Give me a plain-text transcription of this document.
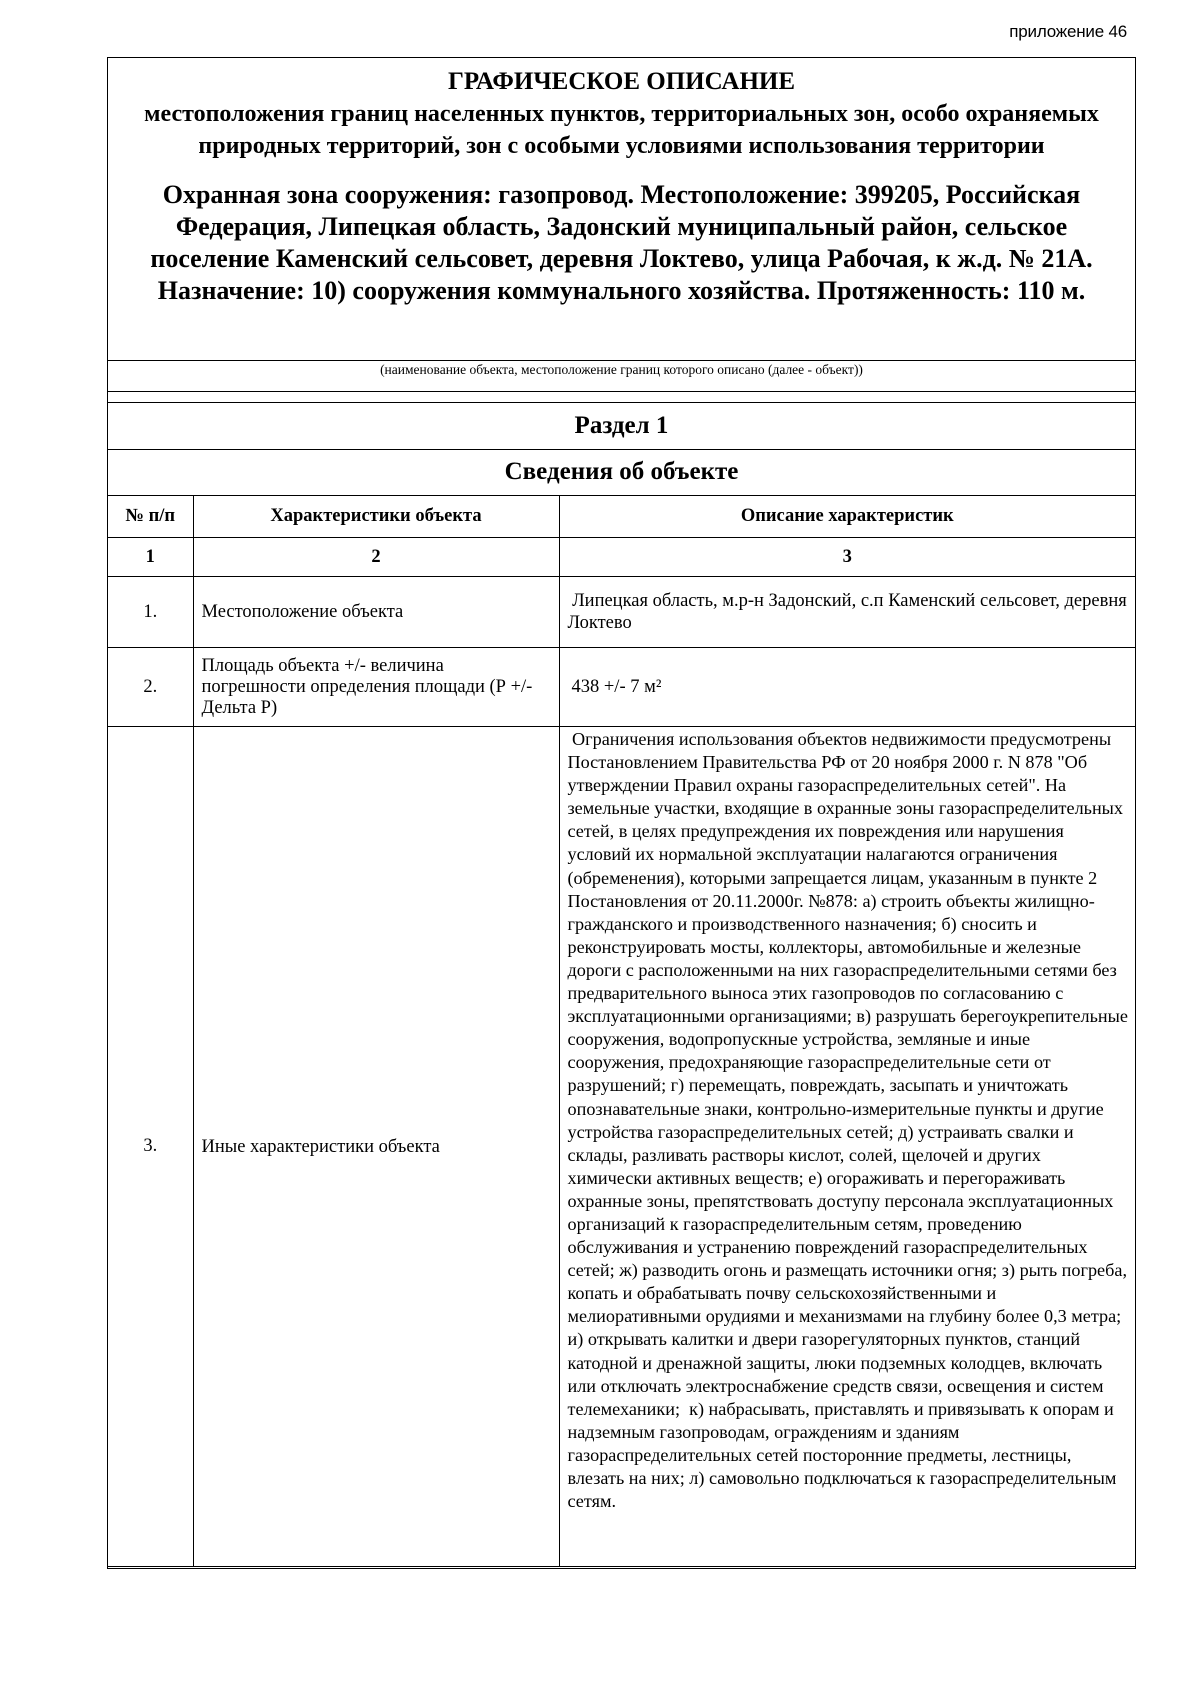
приложение 46
ГРАФИЧЕСКОЕ ОПИСАНИЕ
местоположения границ населенных пунктов, территориальных зон, особо охраняемых природных территорий, зон с особыми условиями использования территории
Охранная зона сооружения: газопровод. Местоположение: 399205, Российская Федерация, Липецкая область, Задонский муниципальный район, сельское поселение Каменский сельсовет, деревня Локтево, улица Рабочая, к ж.д. № 21А. Назначение: 10) сооружения коммунального хозяйства. Протяженность: 110 м.
(наименование объекта, местоположение границ которого описано (далее - объект))
Раздел 1
Сведения об объекте
№ п/п	Характеристики объекта	Описание характеристик
1	2	3
1.	Местоположение объекта	Липецкая область, м.р-н Задонский, с.п Каменский сельсовет, деревня Локтево
2.	Площадь объекта +/- величина погрешности определения площади (Р +/- Дельта Р)	438 +/- 7 м²
3.	Иные характеристики объекта	Ограничения использования объектов недвижимости предусмотрены Постановлением Правительства РФ от 20 ноября 2000 г. N 878 "Об утверждении Правил охраны газораспределительных сетей". На земельные участки, входящие в охранные зоны газораспределительных сетей, в целях предупреждения их повреждения или нарушения условий их нормальной эксплуатации налагаются ограничения (обременения), которыми запрещается лицам, указанным в пункте 2 Постановления от 20.11.2000г. №878: а) строить объекты жилищно-гражданского и производственного назначения; б) сносить и реконструировать мосты, коллекторы, автомобильные и железные дороги с расположенными на них газораспределительными сетями без предварительного выноса этих газопроводов по согласованию с эксплуатационными организациями; в) разрушать берегоукрепительные сооружения, водопропускные устройства, земляные и иные сооружения, предохраняющие газораспределительные сети от разрушений; г) перемещать, повреждать, засыпать и уничтожать опознавательные знаки, контрольно-измерительные пункты и другие устройства газораспределительных сетей; д) устраивать свалки и склады, разливать растворы кислот, солей, щелочей и других химически активных веществ; е) огораживать и перегораживать охранные зоны, препятствовать доступу персонала эксплуатационных организаций к газораспределительным сетям, проведению обслуживания и устранению повреждений газораспределительных сетей; ж) разводить огонь и размещать источники огня; з) рыть погреба, копать и обрабатывать почву сельскохозяйственными и мелиоративными орудиями и механизмами на глубину более 0,3 метра; и) открывать калитки и двери газорегуляторных пунктов, станций катодной и дренажной защиты, люки подземных колодцев, включать или отключать электроснабжение средств связи, освещения и систем телемеханики;  к) набрасывать, приставлять и привязывать к опорам и надземным газопроводам, ограждениям и зданиям газораспределительных сетей посторонние предметы, лестницы, влезать на них; л) самовольно подключаться к газораспределительным сетям.
